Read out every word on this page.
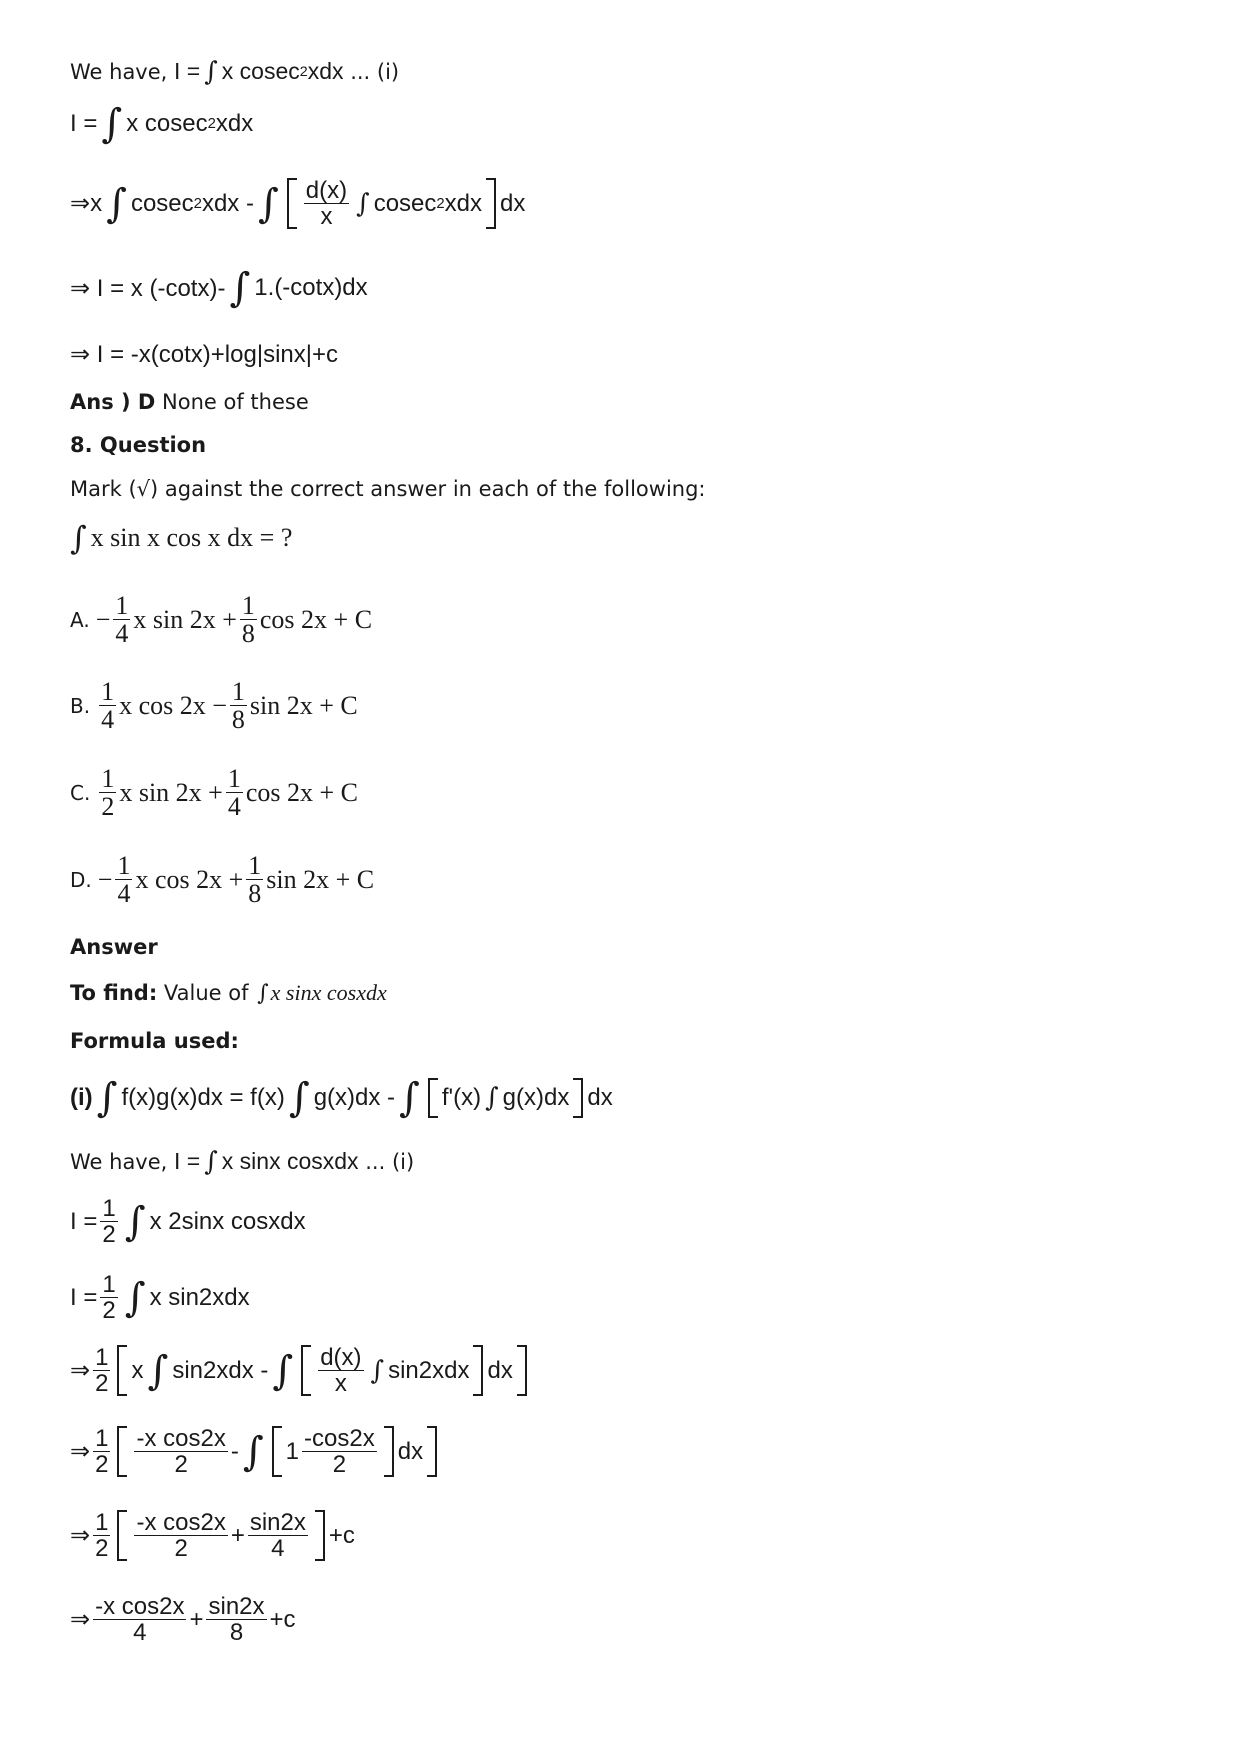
We have, I = ∫ x cosec 2 xdx ... (i)
I = ∫ x cosec 2 xdx
⇒ x ∫ cosec 2 xdx - ∫ $\frac{d(x)}{x}$ ∫ cosec 2 xdx dx
⇒ I = x (-cotx)- ∫ 1.(-cotx)dx
⇒ I = -x(cotx)+log|sinx|+c
Ans ) D None of these
8. Question
Mark (√) against the correct answer in each of the following:
∫ x sin x cos x dx = ?
A. − $\frac{1}{4}$ x $\sin 2x + \frac{1}{8}$ cos 2x + C
B. $\frac{1}{4}$ x $\cos 2x - \frac{1}{8}$ sin 2x + C
C. $\frac{1}{2}$ x $\sin 2x + \frac{1}{4}$ cos 2x + C
D. − $\frac{1}{4}$ x $\cos 2x + \frac{1}{8}$ sin 2x + C
Answer
To find: Value of ∫x sinx cosxdx
Formula used:
(i) ∫ f(x)g(x)dx = f(x) ∫ g(x)dx - ∫ f'(x) ∫ g(x)dx dx
We have, I = ∫ x sinx cosxdx ... (i)
$I = \frac{1}{2}$ ∫ x 2sinx cosxdx
$I = \frac{1}{2}$ ∫ x sin2xdx
⇒ $\frac{1}{2}$ x ∫ sin2xdx - ∫ $\frac{d(x)}{x}$ ∫ sin2xdx dx
⇒ $\frac{1}{2} \frac{\text{-x cos2x}}{2}$ - ∫ $1 \frac{-\cos 2x}{2}$ dx
⇒ $\frac{1}{2} \frac{\text{-x cos2x}}{2} + \frac{\sin 2x}{4} +c$
⇒ $\frac{\text{-x cos2x}}{4} + \frac{\sin 2x}{8} +c$
